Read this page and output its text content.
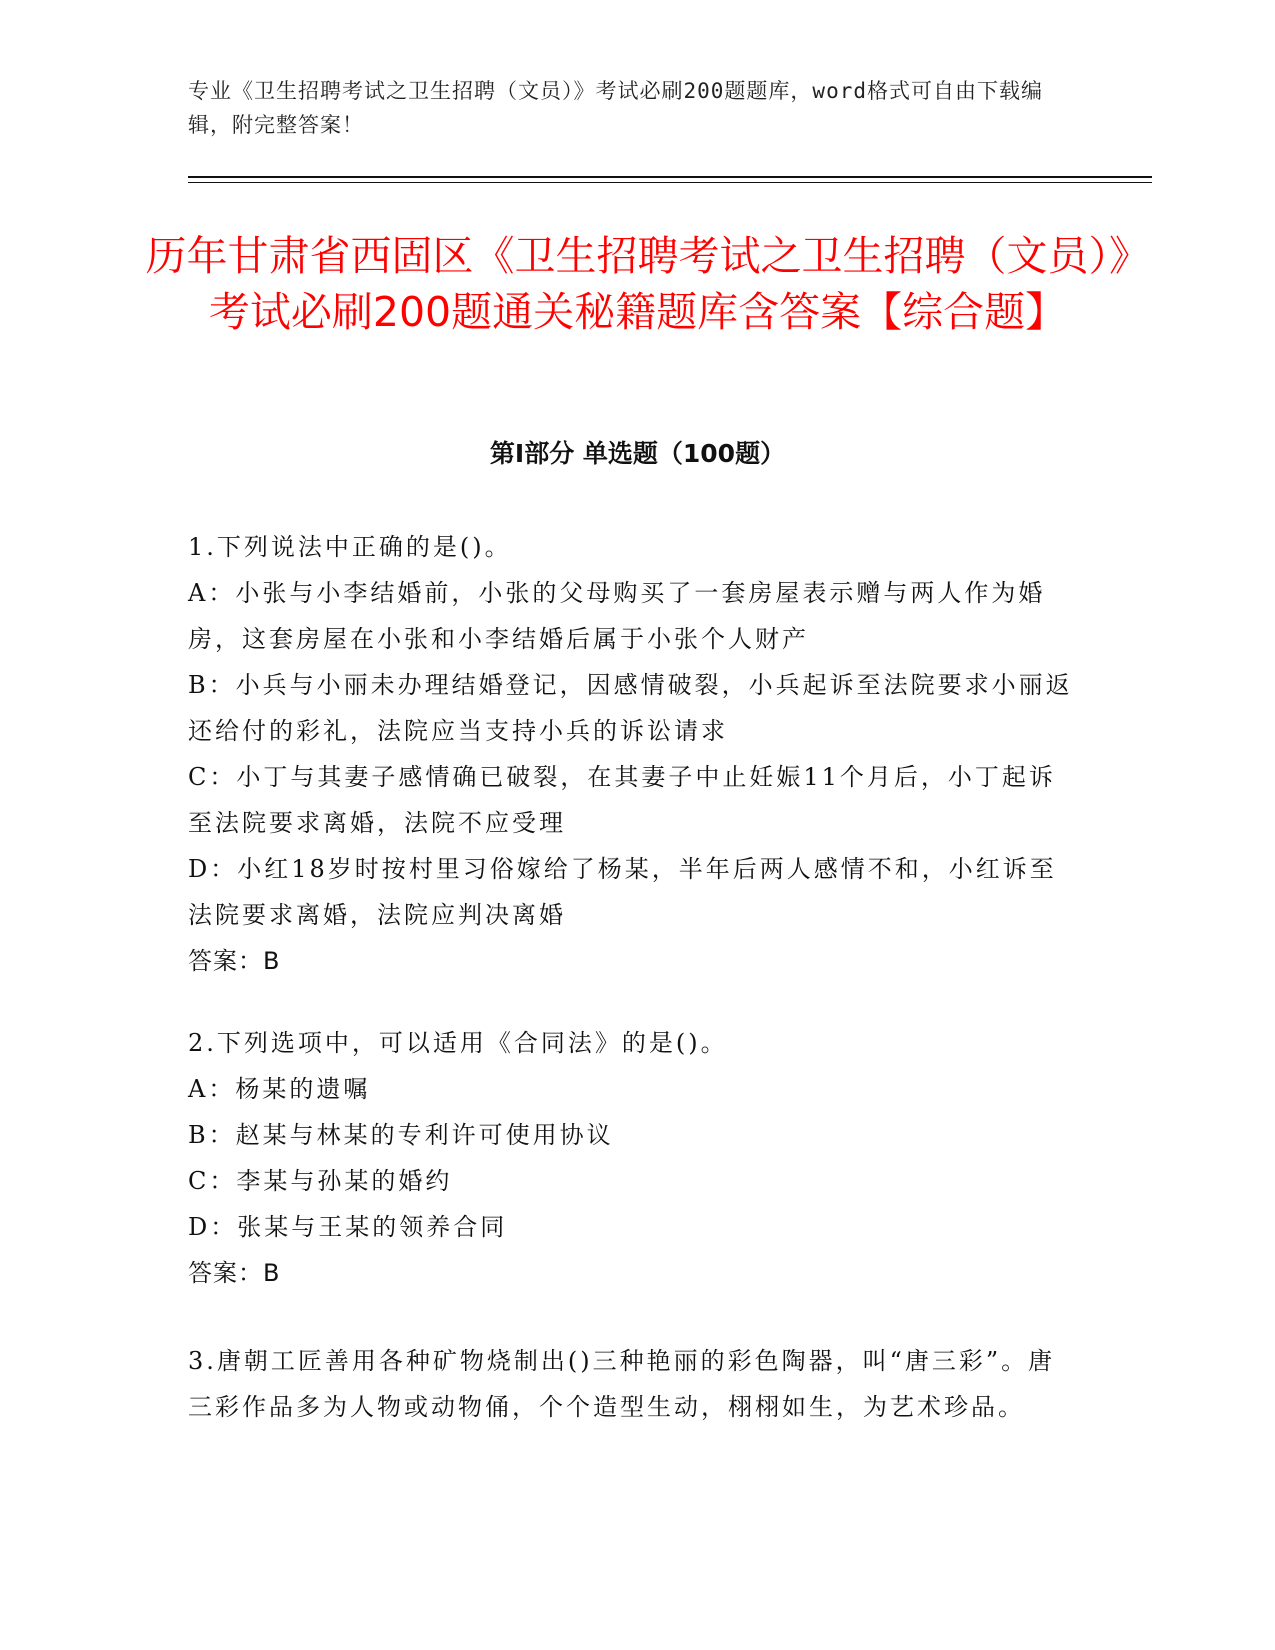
专业《卫生招聘考试之卫生招聘（文员）》考试必刷200题题库，word格式可自由下载编辑，附完整答案！
历年甘肃省西固区《卫生招聘考试之卫生招聘（文员）》考试必刷200题通关秘籍题库含答案【综合题】
第Ⅰ部分 单选题（100题）

1.下列说法中正确的是()。

A：小张与小李结婚前，小张的父母购买了一套房屋表示赠与两人作为婚房，这套房屋在小张和小李结婚后属于小张个人财产

B：小兵与小丽未办理结婚登记，因感情破裂，小兵起诉至法院要求小丽返还给付的彩礼，法院应当支持小兵的诉讼请求

C：小丁与其妻子感情确已破裂，在其妻子中止妊娠11个月后，小丁起诉至法院要求离婚，法院不应受理

D：小红18岁时按村里习俗嫁给了杨某，半年后两人感情不和，小红诉至法院要求离婚，法院应判决离婚

答案：B

2.下列选项中，可以适用《合同法》的是()。

A：杨某的遗嘱

B：赵某与林某的专利许可使用协议

C：李某与孙某的婚约

D：张某与王某的领养合同

答案：B

3.唐朝工匠善用各种矿物烧制出()三种艳丽的彩色陶器，叫“唐三彩”。唐三彩作品多为人物或动物俑，个个造型生动，栩栩如生，为艺术珍品。
